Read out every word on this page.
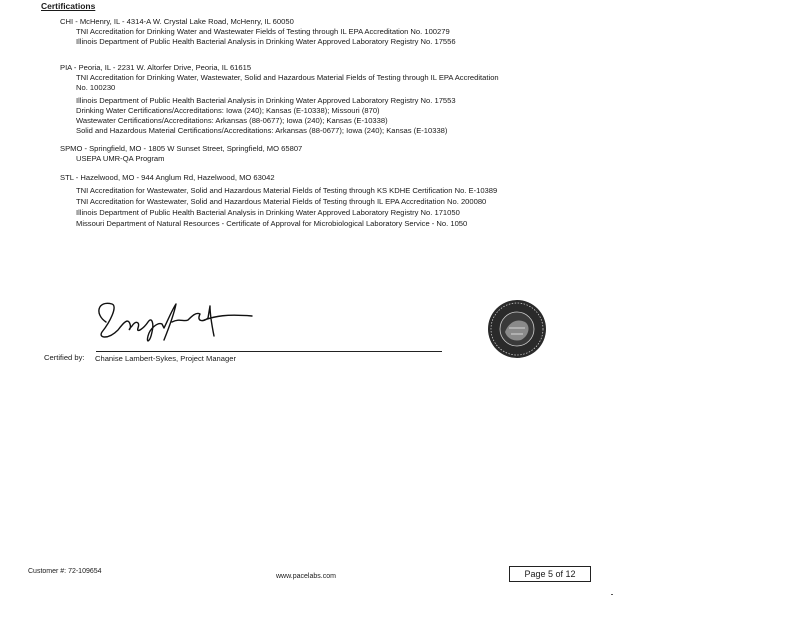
Certifications
CHI - McHenry, IL - 4314-A W. Crystal Lake Road, McHenry, IL 60050
TNI Accreditation for Drinking Water and Wastewater Fields of Testing through IL EPA Accreditation No. 100279
Illinois Department of Public Health Bacterial Analysis in Drinking Water Approved Laboratory Registry No. 17556
PIA - Peoria, IL - 2231 W. Altorfer Drive, Peoria, IL 61615
TNI Accreditation for Drinking Water, Wastewater, Solid and Hazardous Material Fields of Testing through IL EPA Accreditation
No. 100230
Illinois Department of Public Health Bacterial Analysis in Drinking Water Approved Laboratory Registry No. 17553
Drinking Water Certifications/Accreditations: Iowa (240); Kansas (E-10338); Missouri (870)
Wastewater Certifications/Accreditations: Arkansas (88-0677); Iowa (240); Kansas (E-10338)
Solid and Hazardous Material Certifications/Accreditations: Arkansas (88-0677); Iowa (240); Kansas (E-10338)
SPMO - Springfield, MO - 1805 W Sunset Street, Springfield, MO 65807
USEPA UMR-QA Program
STL - Hazelwood, MO - 944 Anglum Rd, Hazelwood, MO 63042
TNI Accreditation for Wastewater, Solid and Hazardous Material Fields of Testing through KS KDHE Certification No. E-10389
TNI Accreditation for Wastewater, Solid and Hazardous Material Fields of Testing through IL EPA Accreditation No. 200080
Illinois Department of Public Health Bacterial Analysis in Drinking Water Approved Laboratory Registry No. 171050
Missouri Department of Natural Resources - Certificate of Approval for Microbiological Laboratory Service - No. 1050
Certified by: Chanise Lambert-Sykes, Project Manager
Customer #: 72-109654
www.pacelabs.com	Page 5 of 12
